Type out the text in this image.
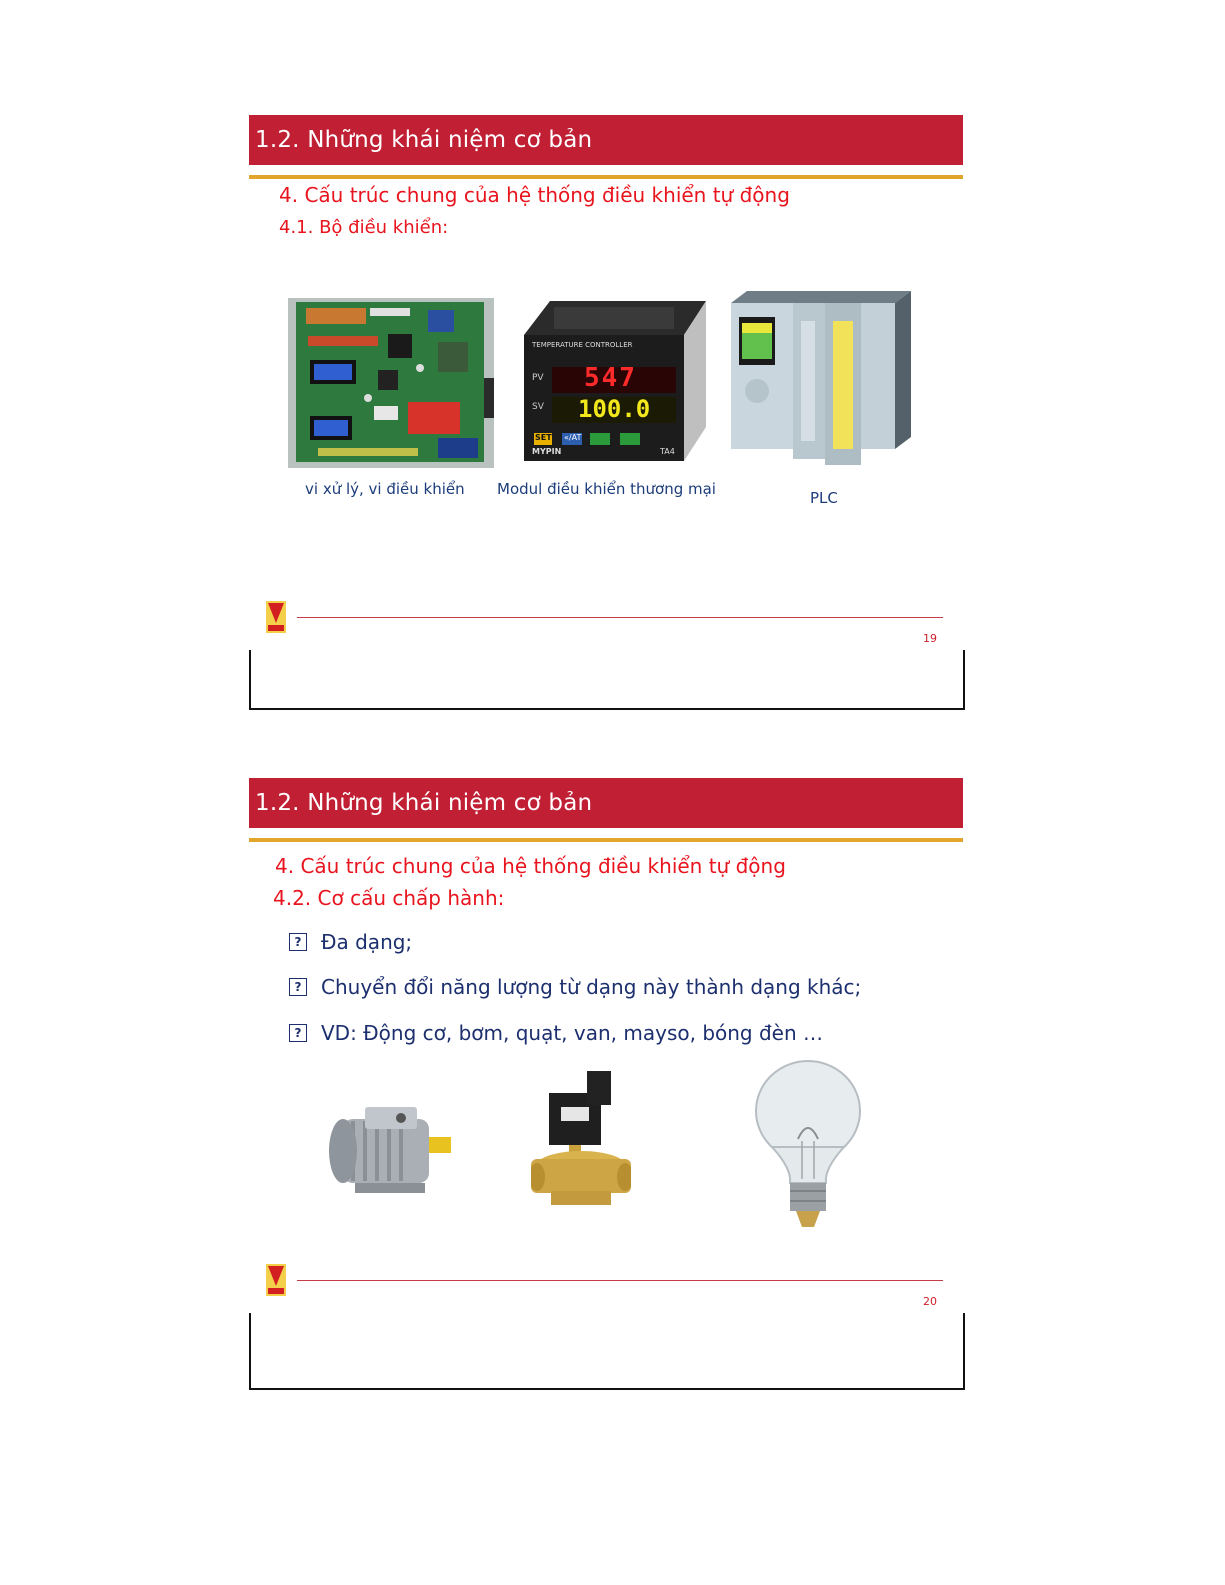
1.2. Những khái niệm cơ bản
4. Cấu trúc chung của hệ thống điều khiển tự động
4.1. Bộ điều khiển:
TEMPERATURE CONTROLLER
PV
SV
547
100.0
SET «/AT
MYPIN	TA4
vi xử lý, vi điều khiển Modul điều khiển thương mại	PLC
19
1.2. Những khái niệm cơ bản
4. Cấu trúc chung của hệ thống điều khiển tự động
4.2. Cơ cấu chấp hành:
? Đa dạng;
? Chuyển đổi năng lượng từ dạng này thành dạng khác;
? VD: Động cơ, bơm, quạt, van, mayso, bóng đèn …
20
